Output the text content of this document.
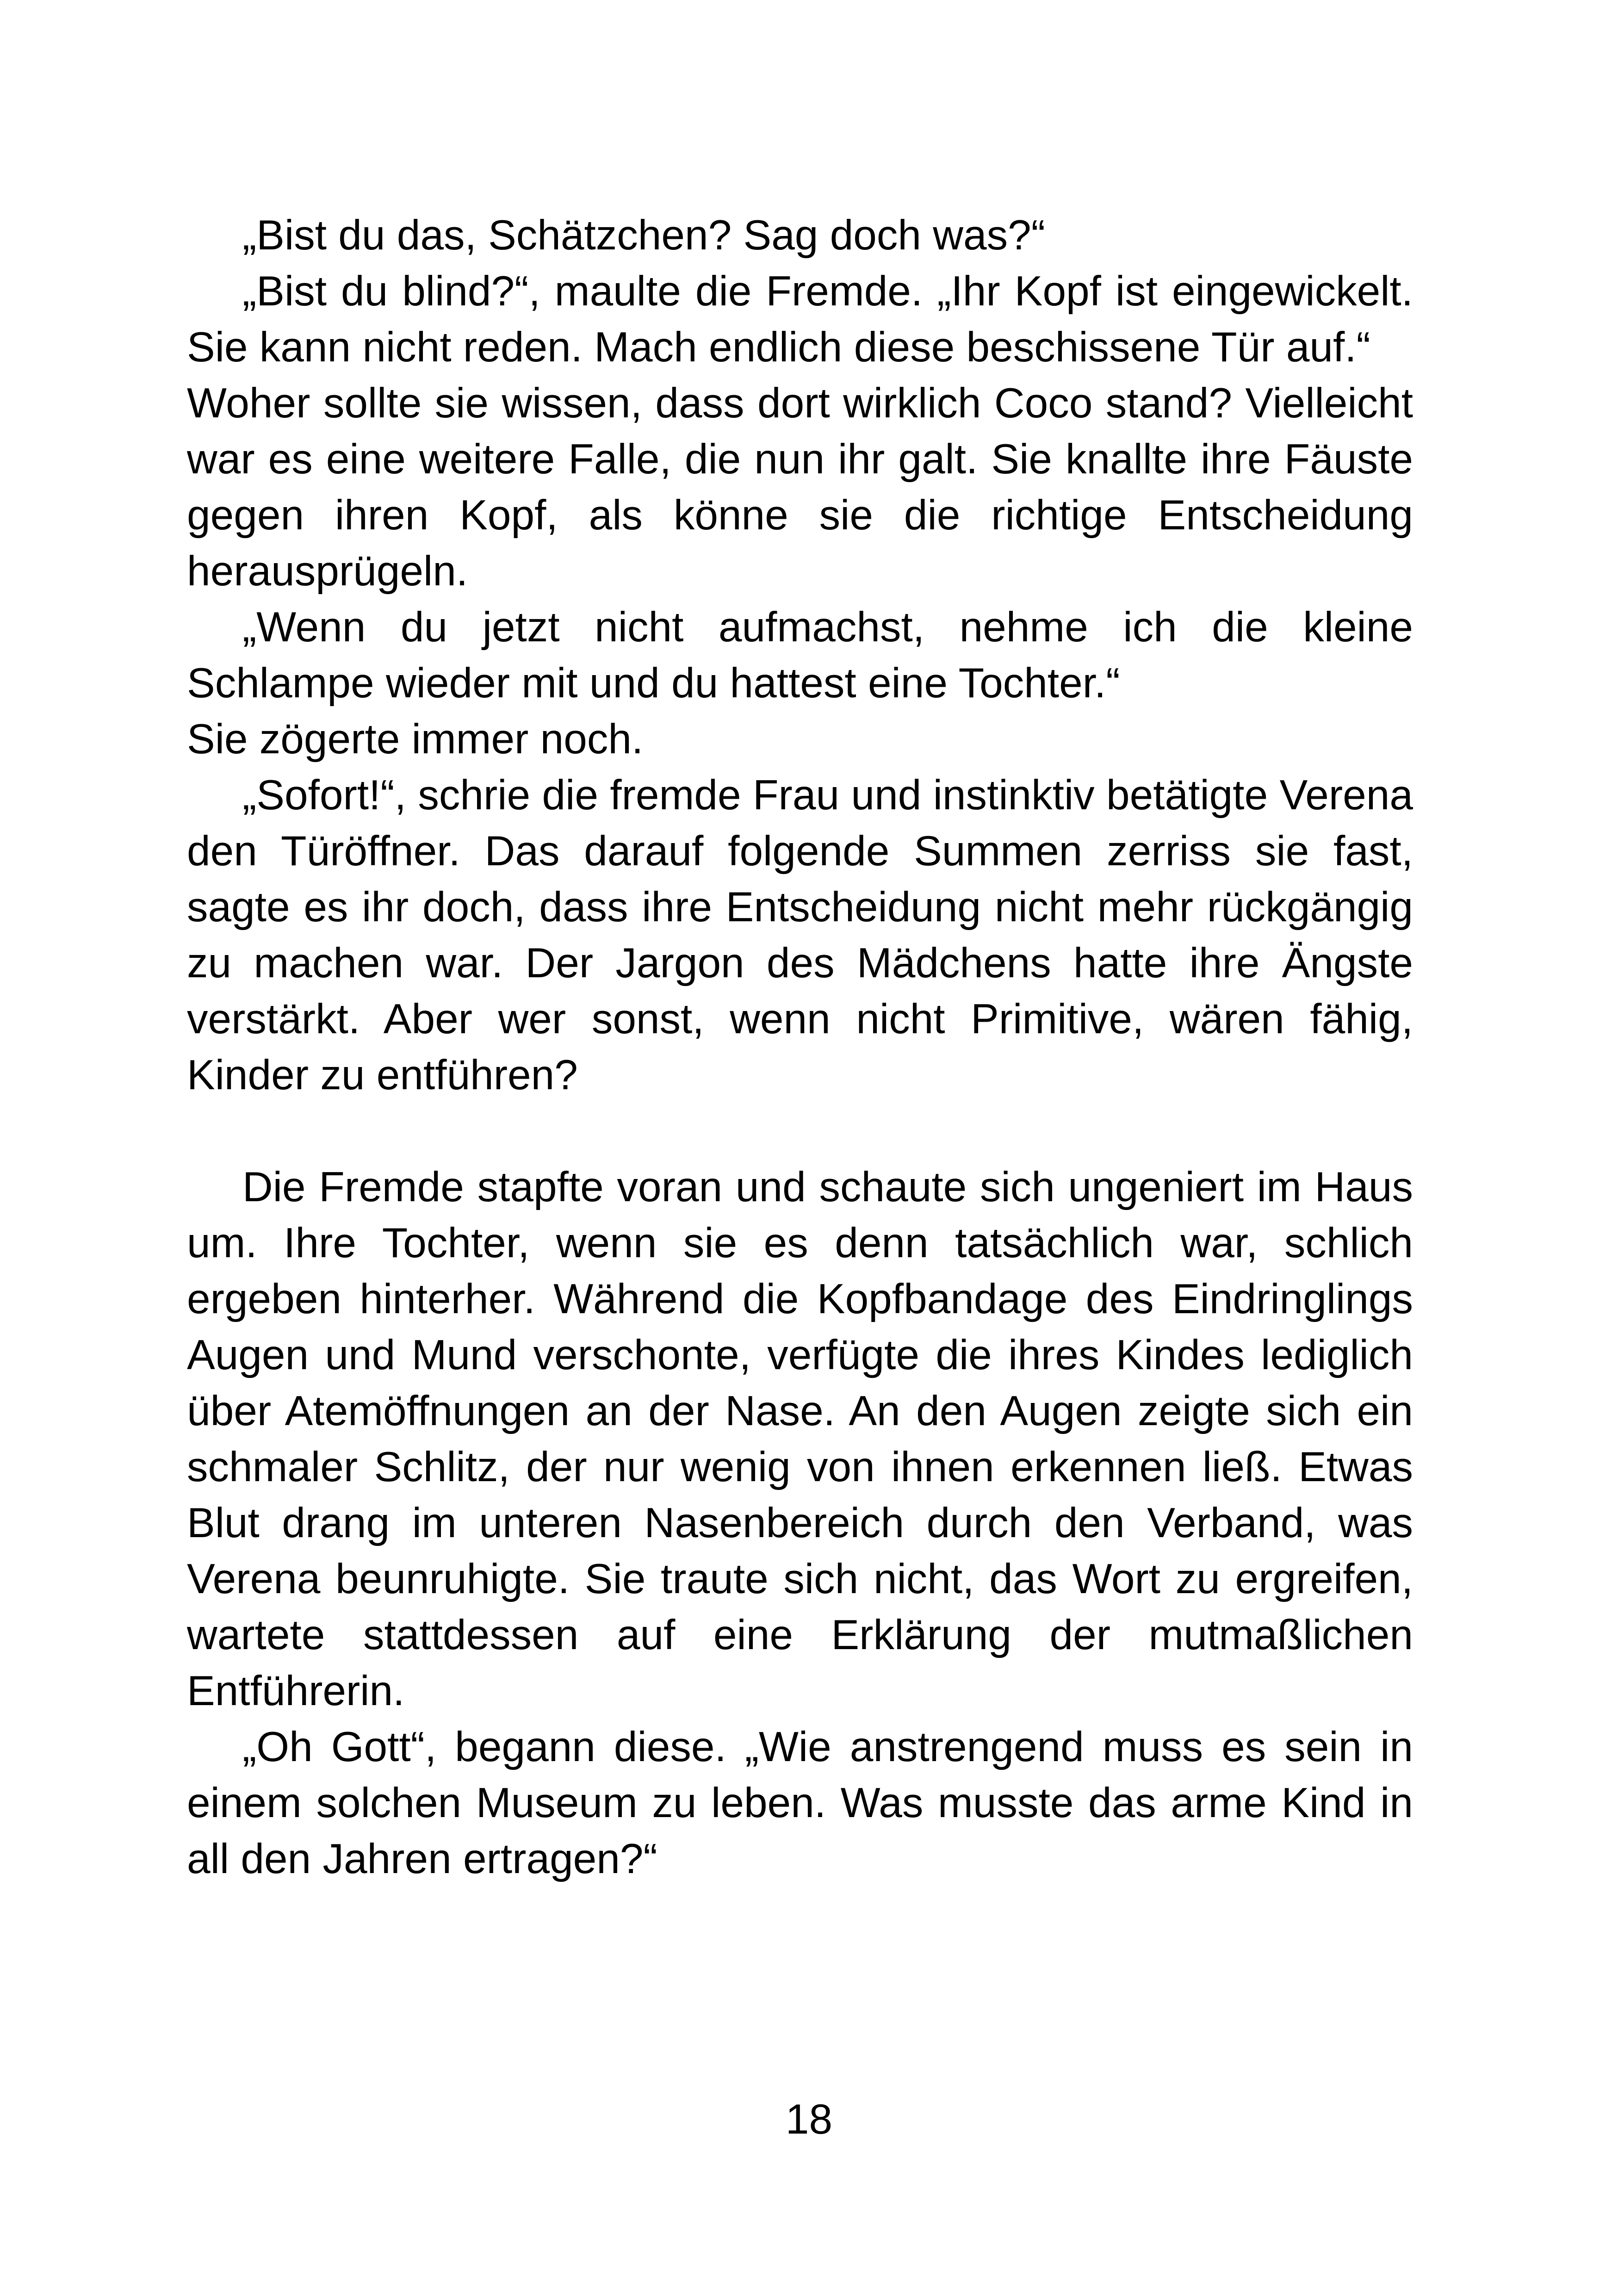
„Bist du das, Schätzchen? Sag doch was?“

„Bist du blind?“, maulte die Fremde. „Ihr Kopf ist eingewickelt. Sie kann nicht reden. Mach endlich diese beschissene Tür auf.“

Woher sollte sie wissen, dass dort wirklich Coco stand? Vielleicht war es eine weitere Falle, die nun ihr galt. Sie knallte ihre Fäuste gegen ihren Kopf, als könne sie die richtige Entscheidung herausprügeln.

„Wenn du jetzt nicht aufmachst, nehme ich die kleine Schlampe wieder mit und du hattest eine Tochter.“

Sie zögerte immer noch.

„Sofort!“, schrie die fremde Frau und instinktiv betätigte Verena den Türöffner. Das darauf folgende Summen zerriss sie fast, sagte es ihr doch, dass ihre Entscheidung nicht mehr rückgängig zu machen war. Der Jargon des Mädchens hatte ihre Ängste verstärkt. Aber wer sonst, wenn nicht Primitive, wären fähig, Kinder zu entführen?

Die Fremde stapfte voran und schaute sich ungeniert im Haus um. Ihre Tochter, wenn sie es denn tatsächlich war, schlich ergeben hinterher. Während die Kopfbandage des Eindringlings Augen und Mund verschonte, verfügte die ihres Kindes lediglich über Atemöffnungen an der Nase. An den Augen zeigte sich ein schmaler Schlitz, der nur wenig von ihnen erkennen ließ. Etwas Blut drang im unteren Nasenbereich durch den Verband, was Verena beunruhigte. Sie traute sich nicht, das Wort zu ergreifen, wartete stattdessen auf eine Erklärung der mutmaßlichen Entführerin.

„Oh Gott“, begann diese. „Wie anstrengend muss es sein in einem solchen Museum zu leben. Was musste das arme Kind in all den Jahren ertragen?“

18
